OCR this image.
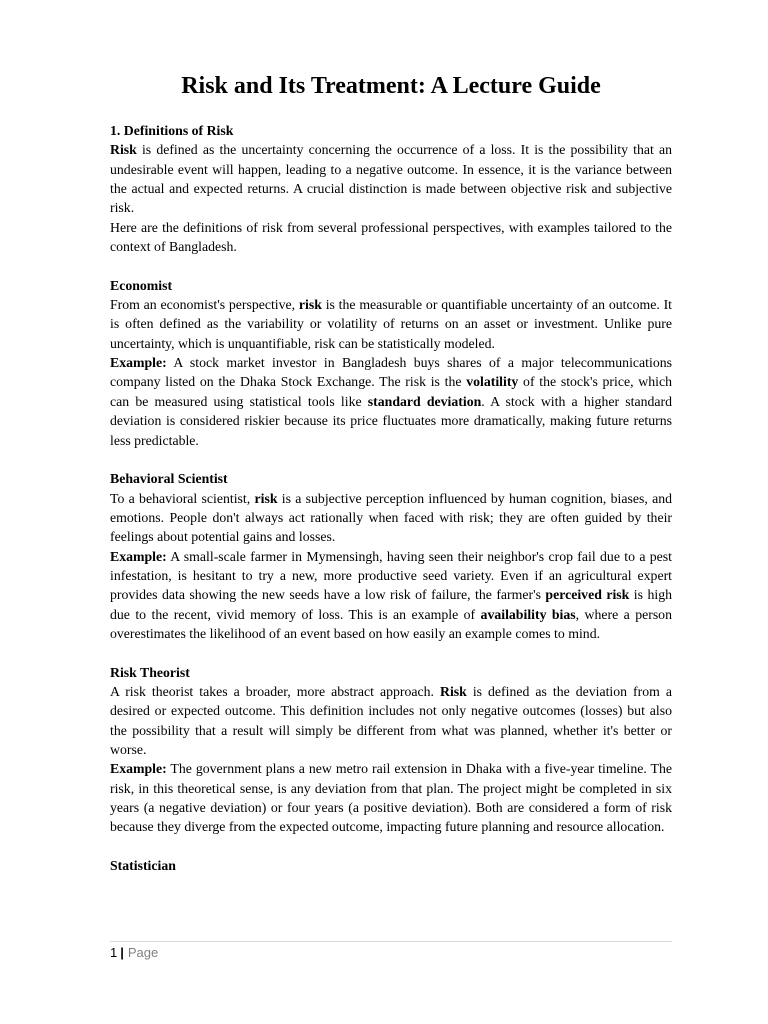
Risk and Its Treatment: A Lecture Guide
1. Definitions of Risk

Risk is defined as the uncertainty concerning the occurrence of a loss. It is the possibility that an undesirable event will happen, leading to a negative outcome. In essence, it is the variance between the actual and expected returns. A crucial distinction is made between objective risk and subjective risk.

Here are the definitions of risk from several professional perspectives, with examples tailored to the context of Bangladesh.

Economist

From an economist's perspective, risk is the measurable or quantifiable uncertainty of an outcome. It is often defined as the variability or volatility of returns on an asset or investment. Unlike pure uncertainty, which is unquantifiable, risk can be statistically modeled.

Example: A stock market investor in Bangladesh buys shares of a major telecommunications company listed on the Dhaka Stock Exchange. The risk is the volatility of the stock's price, which can be measured using statistical tools like standard deviation. A stock with a higher standard deviation is considered riskier because its price fluctuates more dramatically, making future returns less predictable.

Behavioral Scientist

To a behavioral scientist, risk is a subjective perception influenced by human cognition, biases, and emotions. People don't always act rationally when faced with risk; they are often guided by their feelings about potential gains and losses.

Example: A small-scale farmer in Mymensingh, having seen their neighbor's crop fail due to a pest infestation, is hesitant to try a new, more productive seed variety. Even if an agricultural expert provides data showing the new seeds have a low risk of failure, the farmer's perceived risk is high due to the recent, vivid memory of loss. This is an example of availability bias, where a person overestimates the likelihood of an event based on how easily an example comes to mind.

Risk Theorist

A risk theorist takes a broader, more abstract approach. Risk is defined as the deviation from a desired or expected outcome. This definition includes not only negative outcomes (losses) but also the possibility that a result will simply be different from what was planned, whether it's better or worse.

Example: The government plans a new metro rail extension in Dhaka with a five-year timeline. The risk, in this theoretical sense, is any deviation from that plan. The project might be completed in six years (a negative deviation) or four years (a positive deviation). Both are considered a form of risk because they diverge from the expected outcome, impacting future planning and resource allocation.

Statistician
1 | Page
